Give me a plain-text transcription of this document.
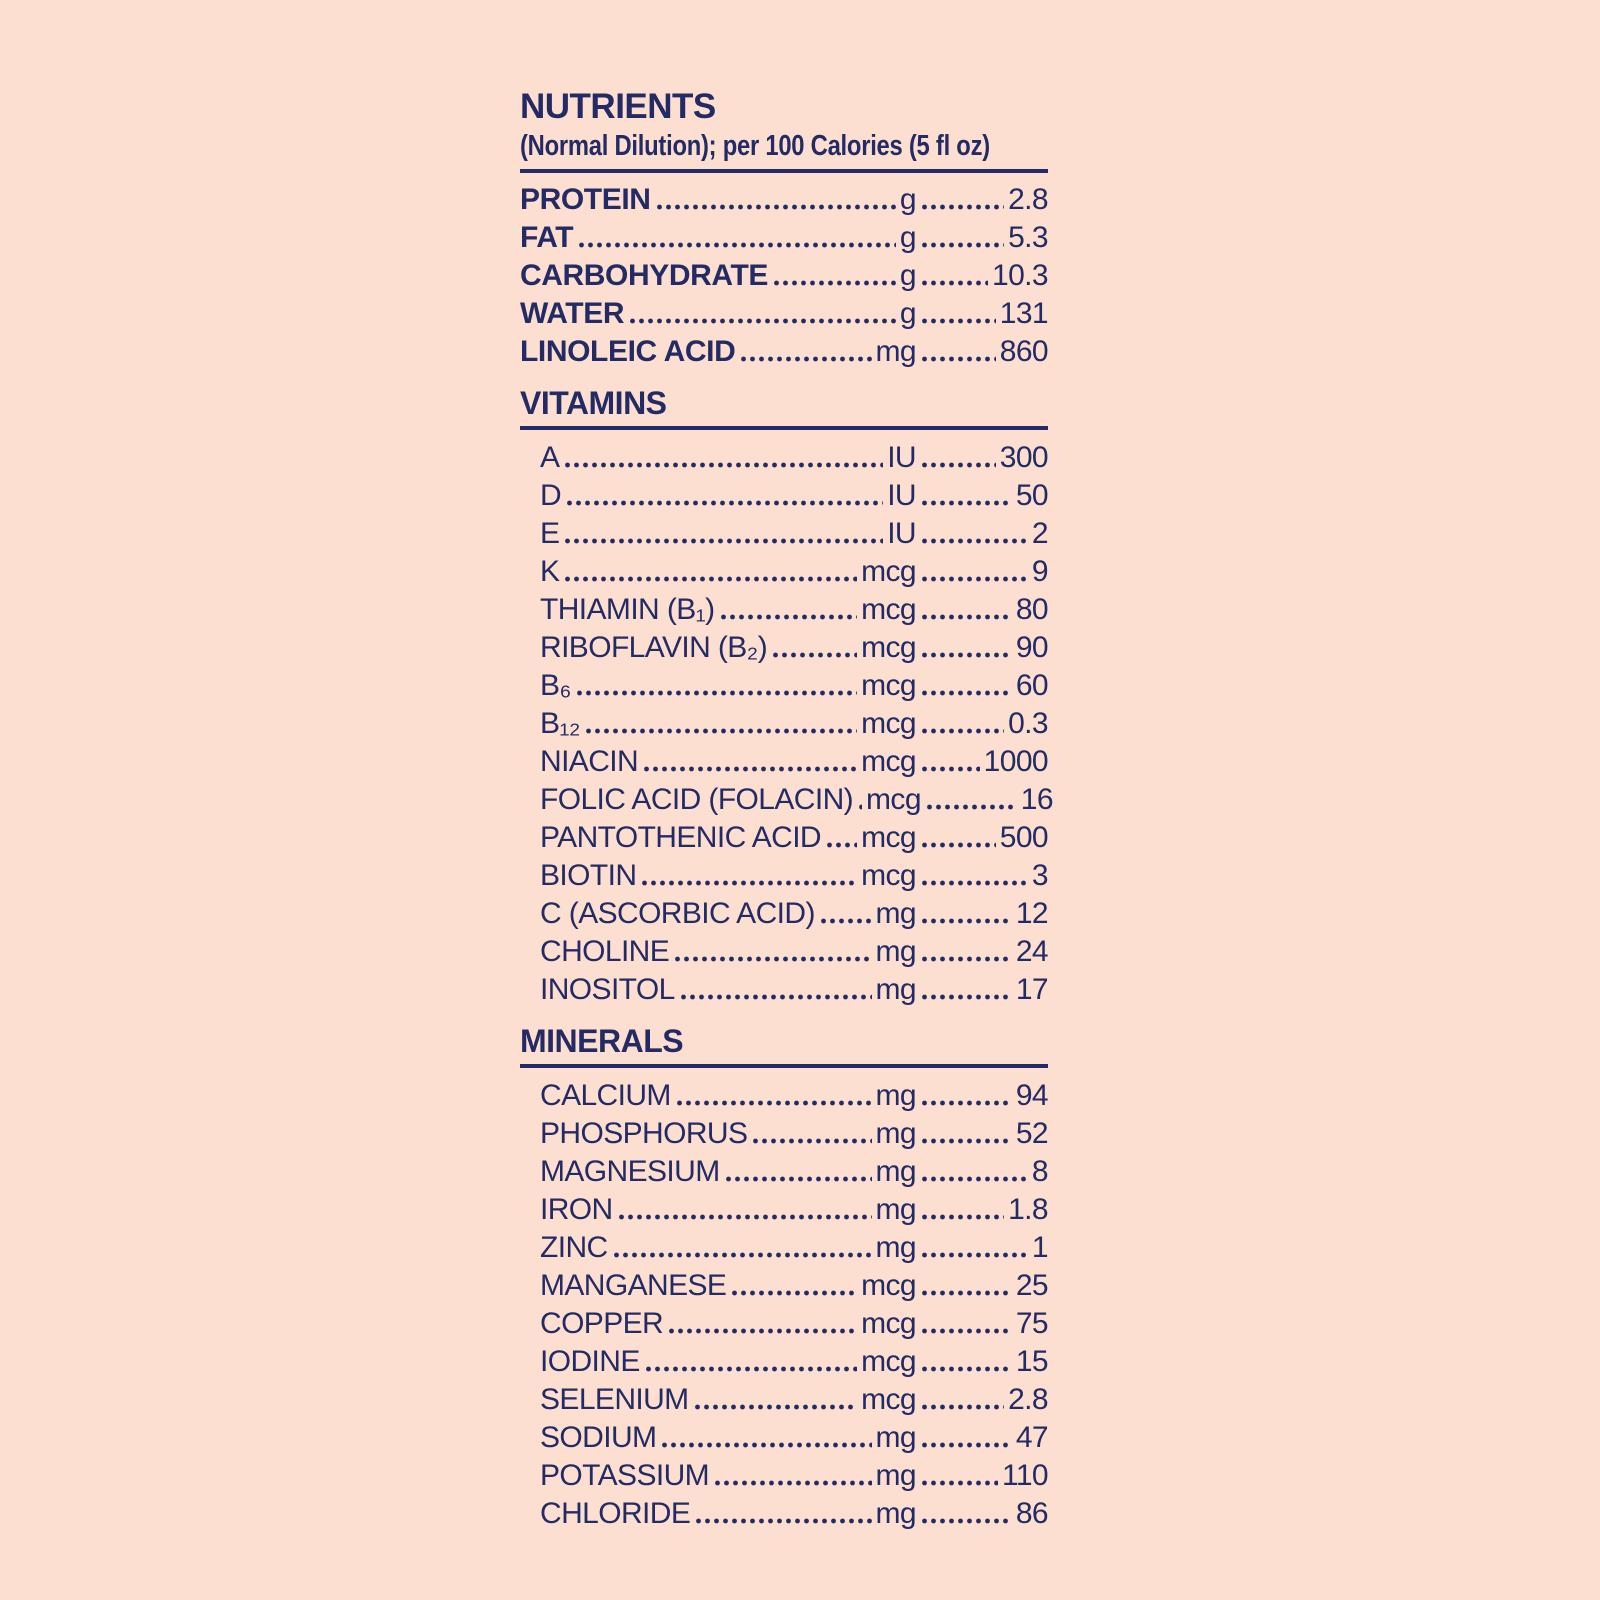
NUTRIENTS
(Normal Dilution); per 100 Calories (5 fl oz)
PROTEIN	g	2.8
FAT	g	5.3
CARBOHYDRATE	g	10.3
WATER	g	131
LINOLEIC ACID	mg	860
VITAMINS
A	IU	300
D	IU	50
E	IU	2
K	mcg	9
THIAMIN (B₁)	mcg	80
RIBOFLAVIN (B₂)	mcg	90
B₆	mcg	60
B₁₂	mcg	0.3
NIACIN	mcg 1000
FOLIC ACID (FOLACIN) mcg	16
PANTOTHENIC ACID mcg	500
BIOTIN	mcg	3
C (ASCORBIC ACID) mg	12
CHOLINE	mg	24
INOSITOL	mg	17
MINERALS
CALCIUM	mg	94
PHOSPHORUS	mg	52
MAGNESIUM	mg	8
IRON	mg	1.8
ZINC	mg	1
MANGANESE	mcg	25
COPPER	mcg	75
IODINE	mcg	15
SELENIUM	mcg	2.8
SODIUM	mg	47
POTASSIUM	mg	110
CHLORIDE	mg	86
